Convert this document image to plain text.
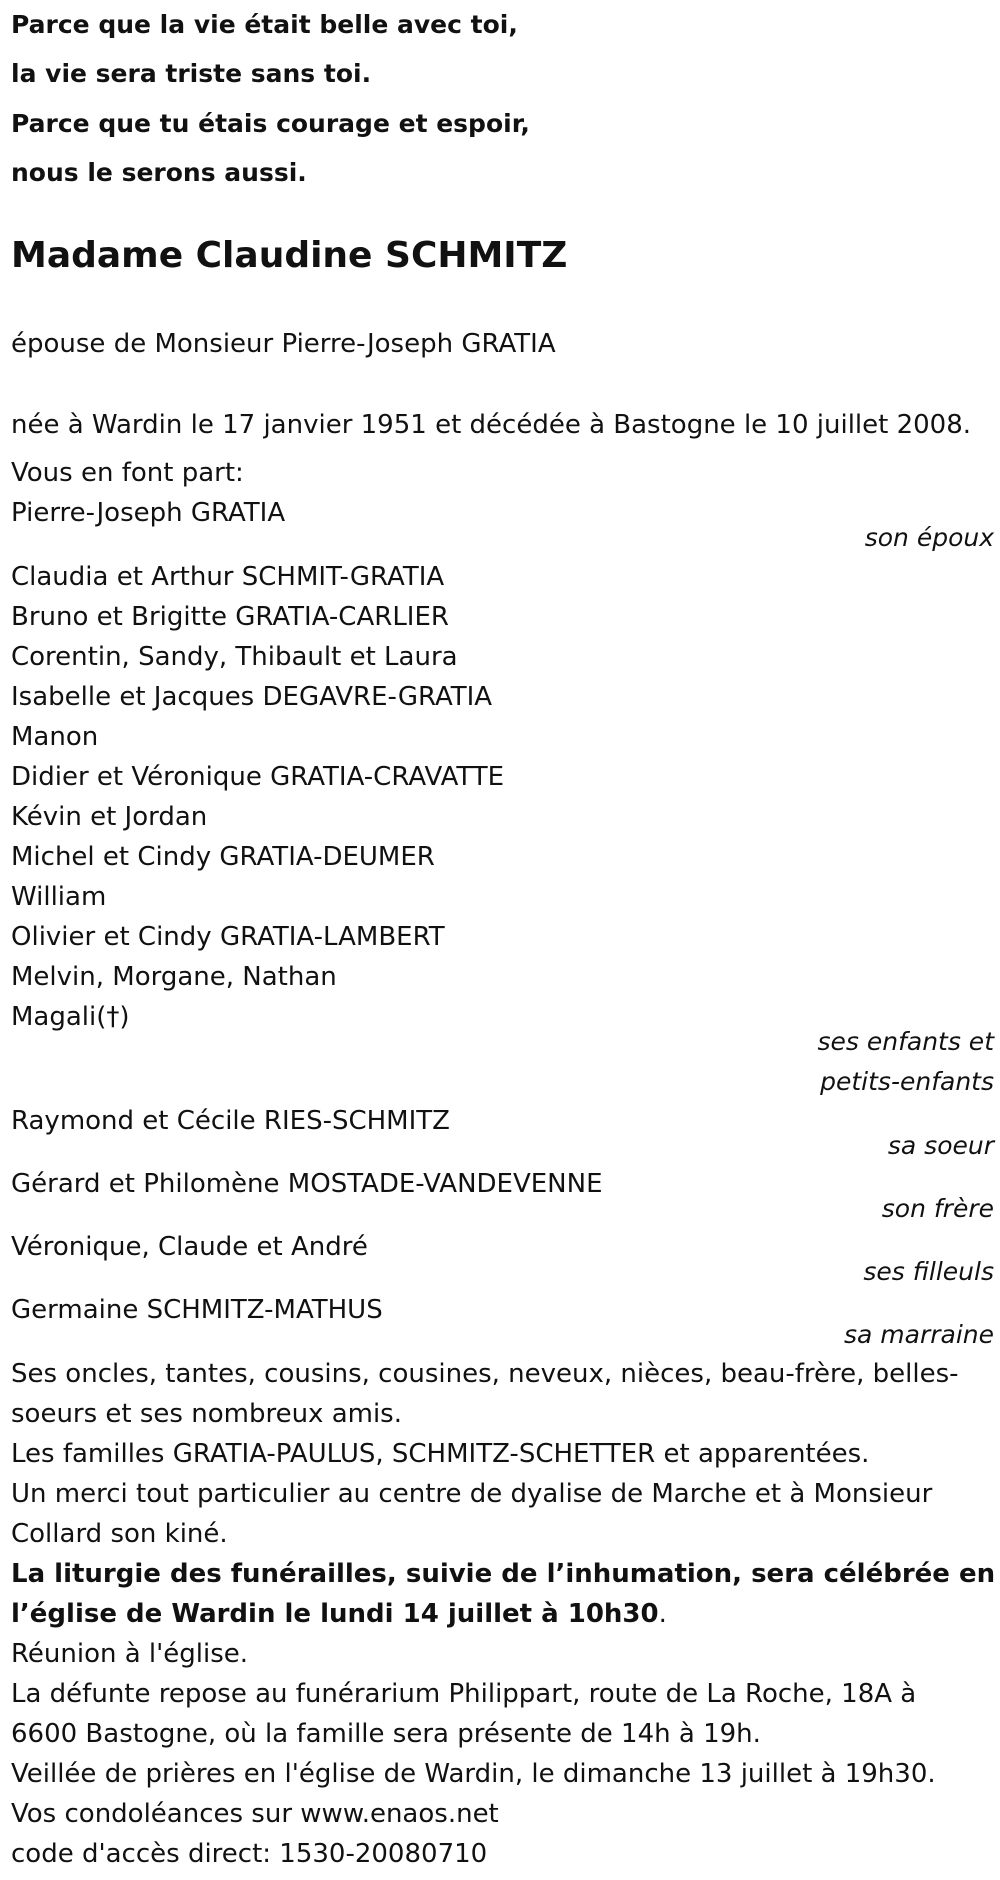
Parce que la vie était belle avec toi,
la vie sera triste sans toi.
Parce que tu étais courage et espoir,
nous le serons aussi.
Madame Claudine SCHMITZ
épouse de Monsieur Pierre-Joseph GRATIA
née à Wardin le 17 janvier 1951 et décédée à Bastogne le 10 juillet 2008.
Vous en font part:
Pierre-Joseph GRATIA
son époux
Claudia et Arthur SCHMIT-GRATIA
Bruno et Brigitte GRATIA-CARLIER
Corentin, Sandy, Thibault et Laura
Isabelle et Jacques DEGAVRE-GRATIA
Manon
Didier et Véronique GRATIA-CRAVATTE
Kévin et Jordan
Michel et Cindy GRATIA-DEUMER
William
Olivier et Cindy GRATIA-LAMBERT
Melvin, Morgane, Nathan
Magali(†)
ses enfants et
petits-enfants
Raymond et Cécile RIES-SCHMITZ
sa soeur
Gérard et Philomène MOSTADE-VANDEVENNE
son frère
Véronique, Claude et André
ses filleuls
Germaine SCHMITZ-MATHUS
sa marraine
Ses oncles, tantes, cousins, cousines, neveux, nièces, beau-frère, belles-
soeurs et ses nombreux amis.
Les familles GRATIA-PAULUS, SCHMITZ-SCHETTER et apparentées.
Un merci tout particulier au centre de dyalise de Marche et à Monsieur
Collard son kiné.
La liturgie des funérailles, suivie de l’inhumation, sera célébrée en
l’église de Wardin le lundi 14 juillet à 10h30.
Réunion à l'église.
La défunte repose au funérarium Philippart, route de La Roche, 18A à
6600 Bastogne, où la famille sera présente de 14h à 19h.
Veillée de prières en l'église de Wardin, le dimanche 13 juillet à 19h30.
Vos condoléances sur www.enaos.net
code d'accès direct: 1530-20080710
